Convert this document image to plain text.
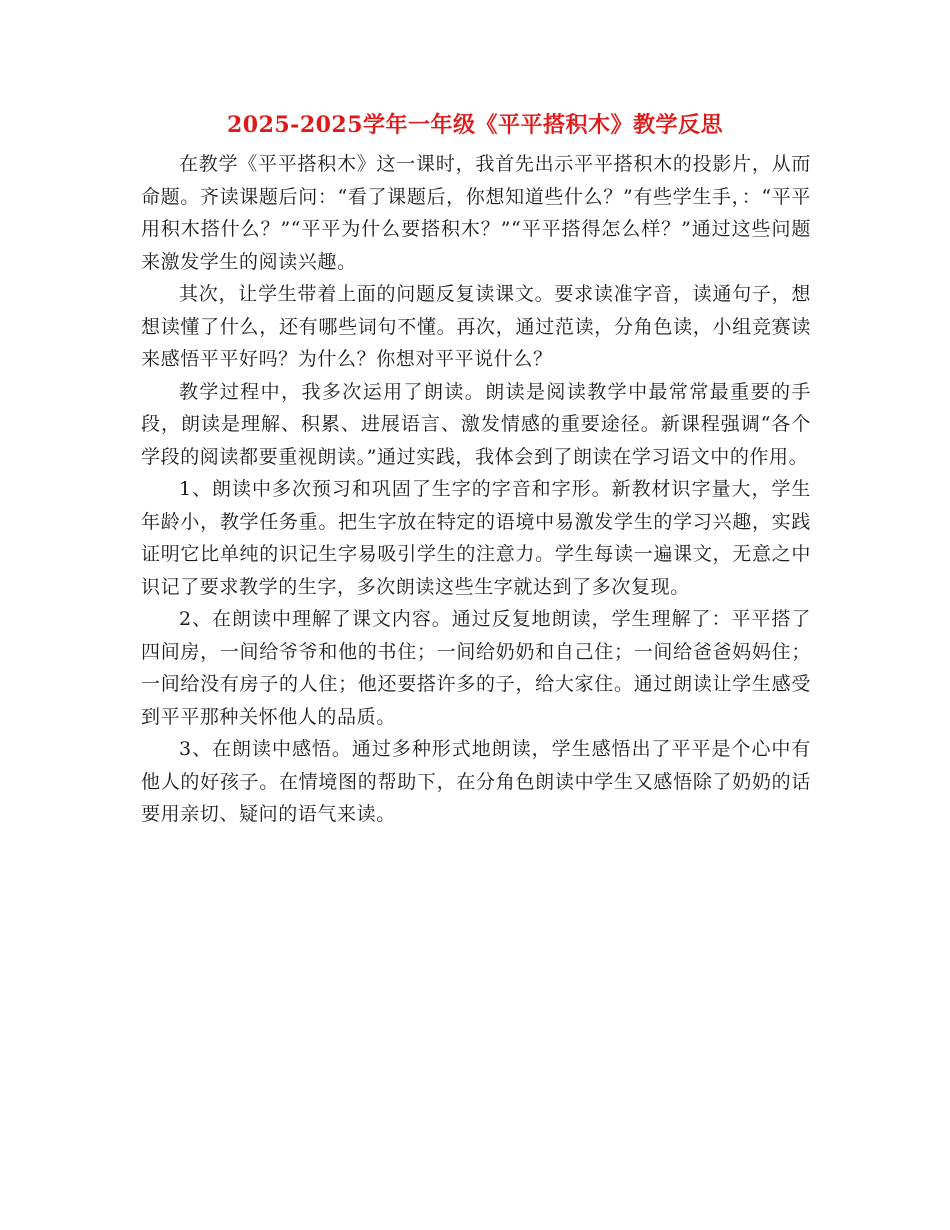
2025-2025学年一年级《平平搭积木》教学反思

在教学《平平搭积木》这一课时，我首先出示平平搭积木的投影片，从而命题。齐读课题后问：“看了课题后，你想知道些什么？”有些学生手，：“平平用积木搭什么？”“平平为什么要搭积木？”“平平搭得怎么样？”通过这些问题来激发学生的阅读兴趣。

其次，让学生带着上面的问题反复读课文。要求读准字音，读通句子，想想读懂了什么，还有哪些词句不懂。再次，通过范读，分角色读，小组竞赛读来感悟平平好吗？为什么？你想对平平说什么？

教学过程中，我多次运用了朗读。朗读是阅读教学中最常常最重要的手段，朗读是理解、积累、进展语言、激发情感的重要途径。新课程强调“各个学段的阅读都要重视朗读。”通过实践，我体会到了朗读在学习语文中的作用。

1、朗读中多次预习和巩固了生字的字音和字形。新教材识字量大，学生年龄小，教学任务重。把生字放在特定的语境中易激发学生的学习兴趣，实践证明它比单纯的识记生字易吸引学生的注意力。学生每读一遍课文，无意之中识记了要求教学的生字，多次朗读这些生字就达到了多次复现。

2、在朗读中理解了课文内容。通过反复地朗读，学生理解了：平平搭了四间房，一间给爷爷和他的书住；一间给奶奶和自己住；一间给爸爸妈妈住；一间给没有房子的人住；他还要搭许多的子，给大家住。通过朗读让学生感受到平平那种关怀他人的品质。

3、在朗读中感悟。通过多种形式地朗读，学生感悟出了平平是个心中有他人的好孩子。在情境图的帮助下，在分角色朗读中学生又感悟除了奶奶的话要用亲切、疑问的语气来读。
